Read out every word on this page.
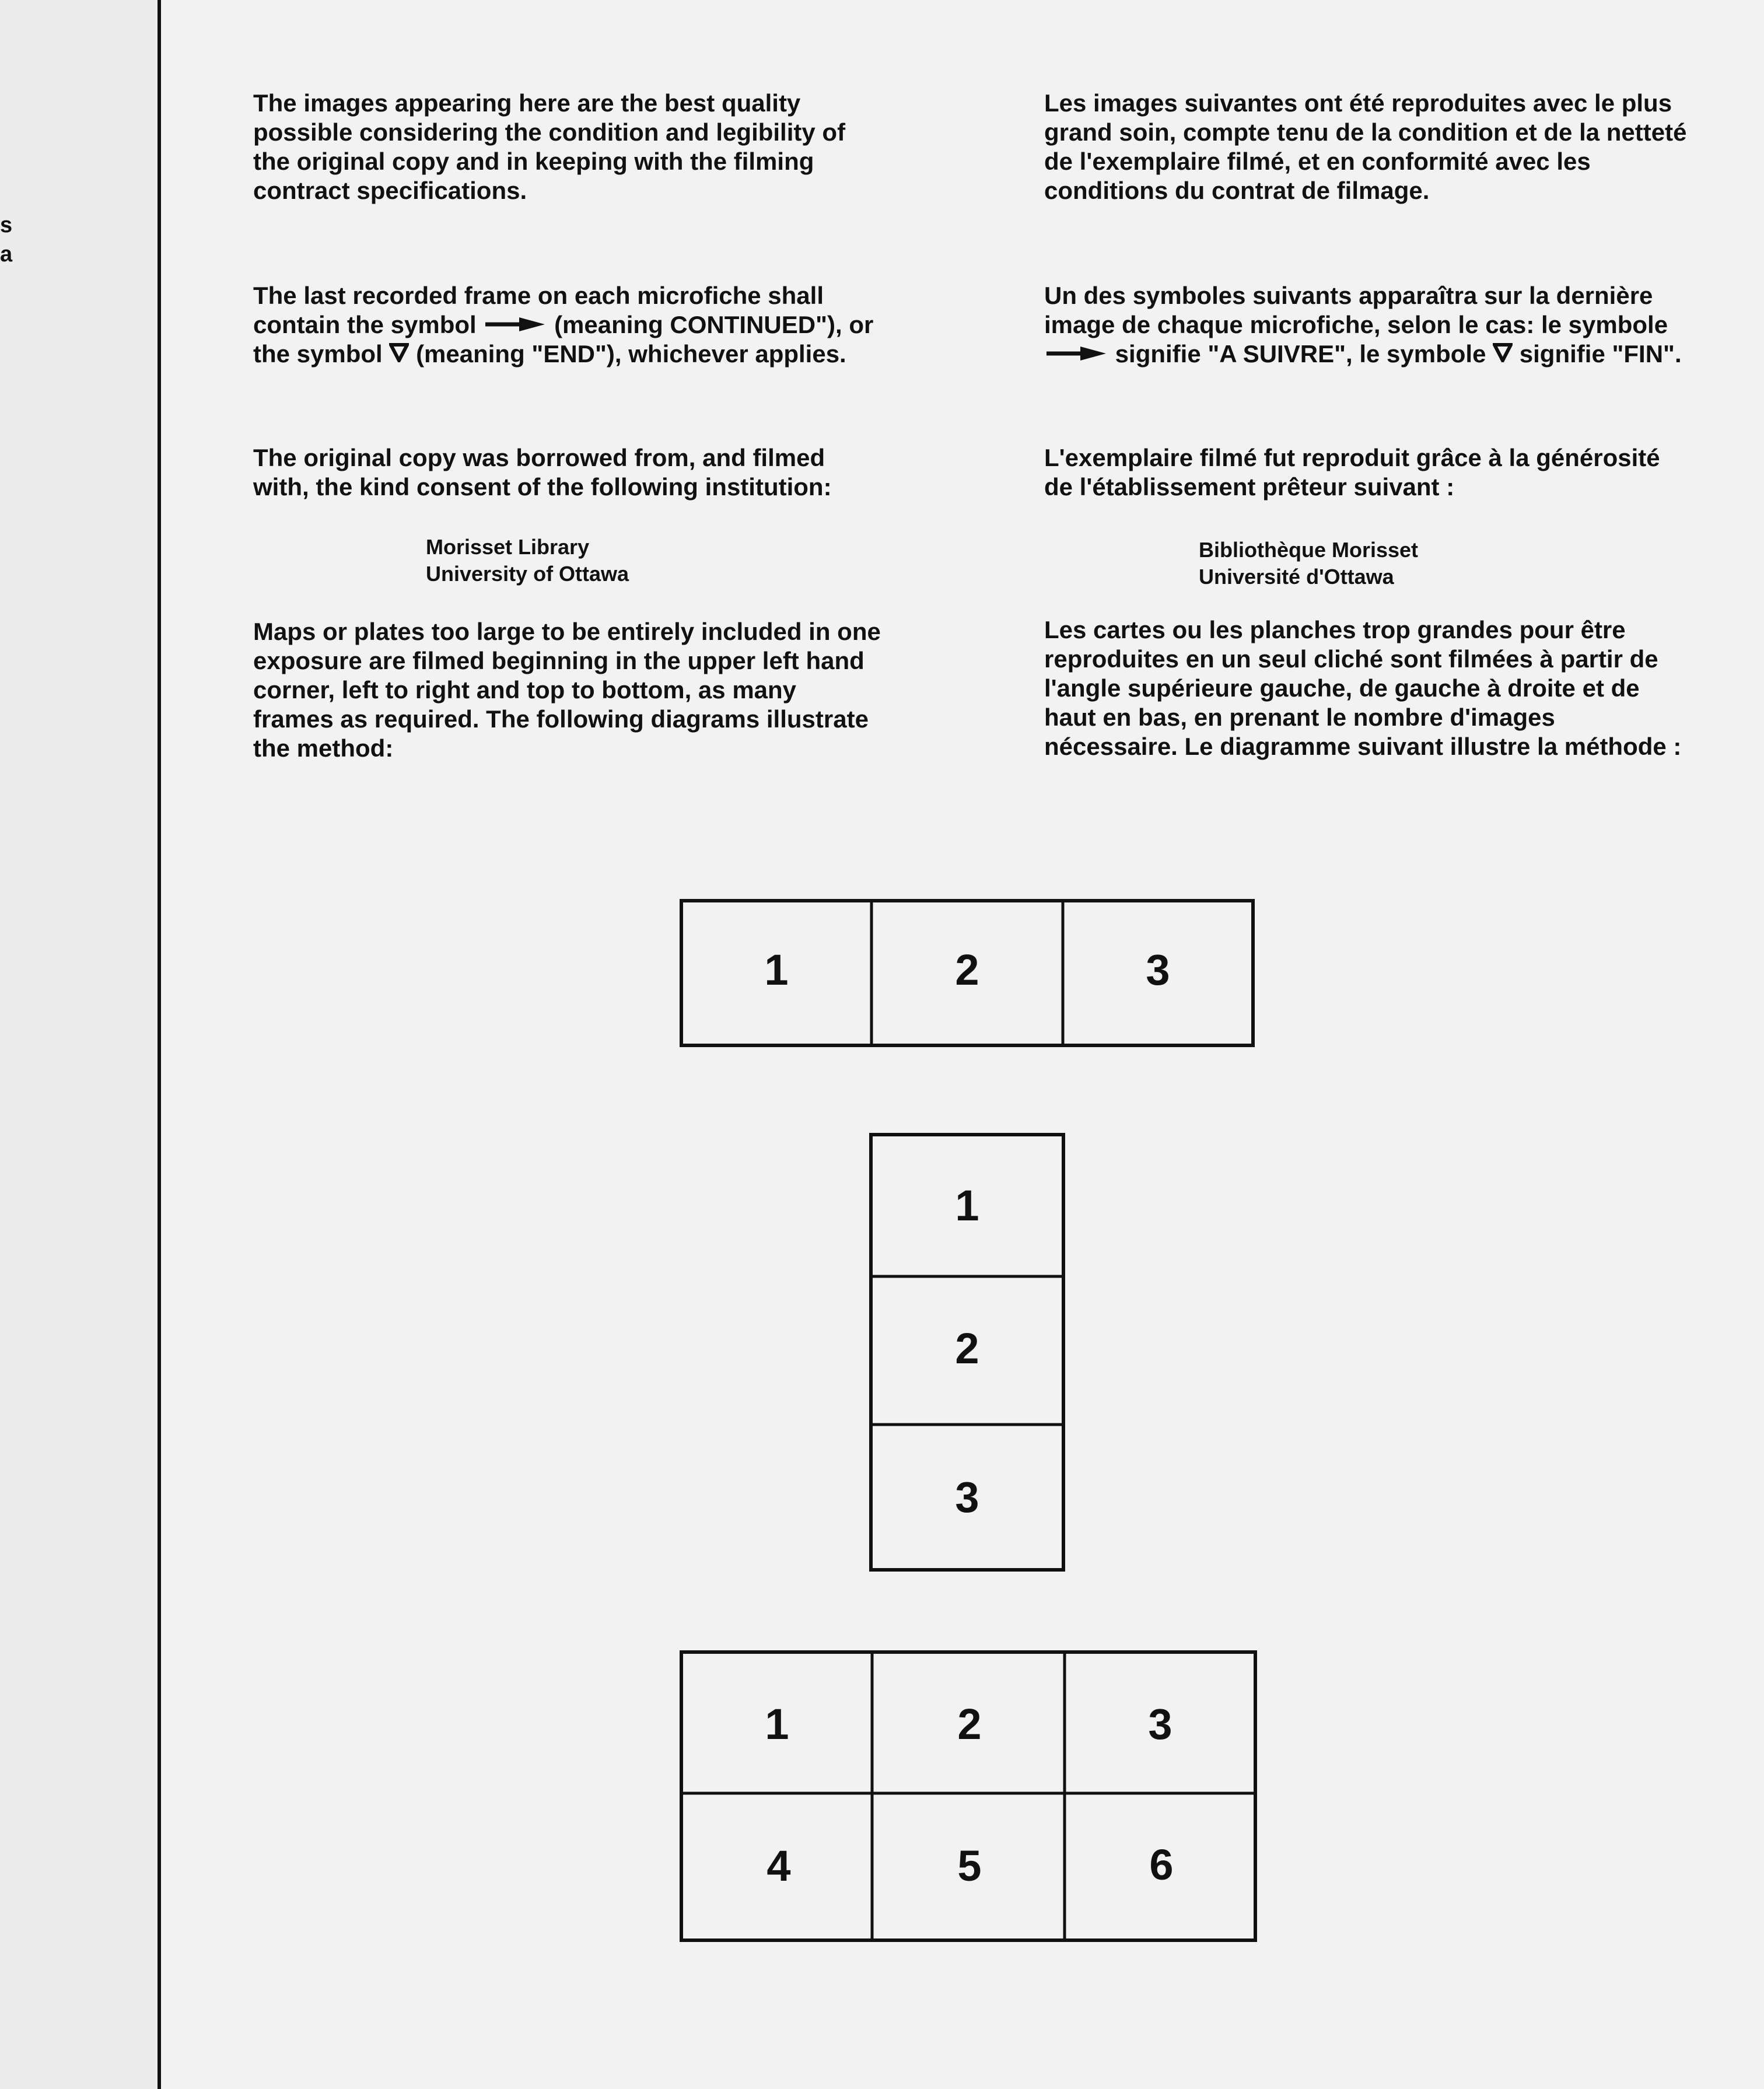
s
a

The images appearing here are the best quality possible considering the condition and legibility of the original copy and in keeping with the filming contract specifications.

The last recorded frame on each microfiche shall contain the symbol	(meaning CONTINUED"), or the symbol (meaning "END"), whichever applies.

The original copy was borrowed from, and filmed with, the kind consent of the following institution:

Morisset Library
University of Ottawa

Maps or plates too large to be entirely included in one exposure are filmed beginning in the upper left hand corner, left to right and top to bottom, as many frames as required. The following diagrams illustrate the method:

Les images suivantes ont été reproduites avec le plus grand soin, compte tenu de la condition et de la netteté de l'exemplaire filmé, et en conformité avec les conditions du contrat de filmage.

Un des symboles suivants apparaîtra sur la dernière image de chaque microfiche, selon le cas: le symbole  signifie "A SUIVRE", le symbole signifie "FIN".

L'exemplaire filmé fut reproduit grâce à la générosité de l'établissement prêteur suivant :

Bibliothèque Morisset
Université d'Ottawa

Les cartes ou les planches trop grandes pour être reproduites en un seul cliché sont filmées à partir de l'angle supérieure gauche, de gauche à droite et de haut en bas, en prenant le nombre d'images nécessaire. Le diagramme suivant illustre la méthode :

1	2	3
1
2
3
1	2	3
4	5	6
